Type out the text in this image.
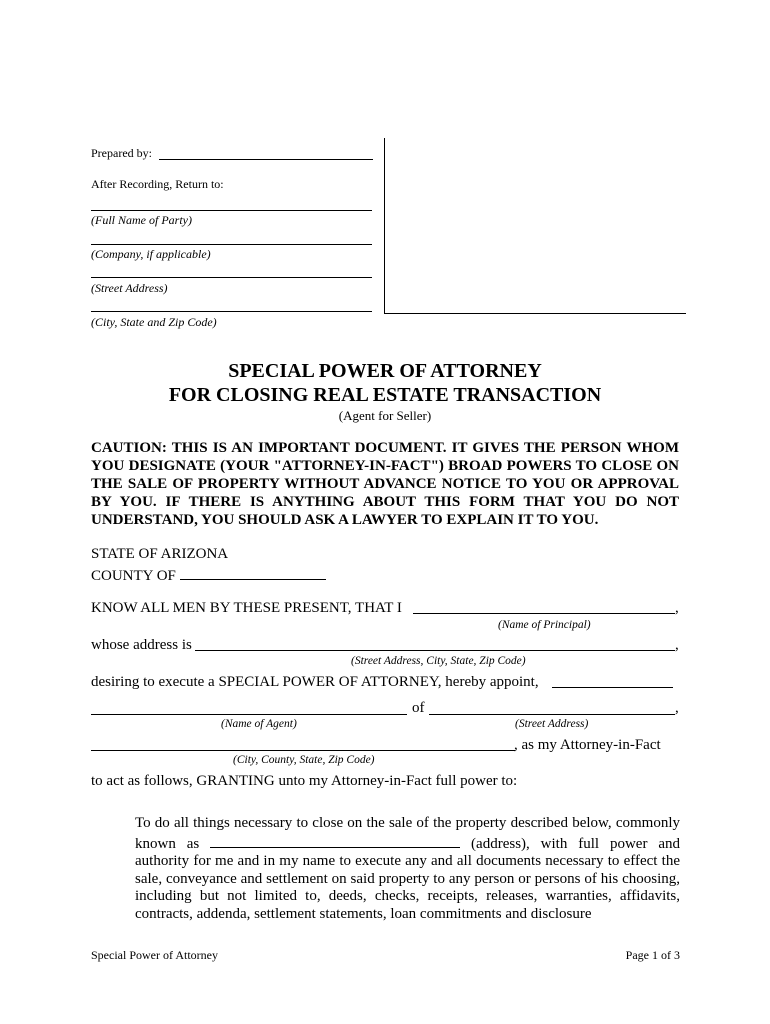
Prepared by:
After Recording, Return to:
(Full Name of Party)
(Company, if applicable)
(Street Address)
(City, State and Zip Code)
SPECIAL POWER OF ATTORNEY
FOR CLOSING REAL ESTATE TRANSACTION
(Agent for Seller)
CAUTION: THIS IS AN IMPORTANT DOCUMENT. IT GIVES THE PERSON WHOM YOU DESIGNATE (YOUR "ATTORNEY-IN-FACT") BROAD POWERS TO CLOSE ON THE SALE OF PROPERTY WITHOUT ADVANCE NOTICE TO YOU OR APPROVAL BY YOU. IF THERE IS ANYTHING ABOUT THIS FORM THAT YOU DO NOT UNDERSTAND, YOU SHOULD ASK A LAWYER TO EXPLAIN IT TO YOU.
STATE OF ARIZONA
COUNTY OF
KNOW ALL MEN BY THESE PRESENT, THAT I	,
(Name of Principal)
whose address is	,
(Street Address, City, State, Zip Code)
desiring to execute a SPECIAL POWER OF ATTORNEY, hereby appoint,
of	,
(Name of Agent)	(Street Address)
, as my Attorney-in-Fact
(City, County, State, Zip Code)
to act as follows, GRANTING unto my Attorney-in-Fact full power to:
To do all things necessary to close on the sale of the property described below, commonly known as	(address), with full power and authority for me and in my name to execute any and all documents necessary to effect the sale, conveyance and settlement on said property to any person or persons of his choosing, including but not limited to, deeds, checks, receipts, releases, warranties, affidavits, contracts, addenda, settlement statements, loan commitments and disclosure
Special Power of Attorney	Page 1 of 3
